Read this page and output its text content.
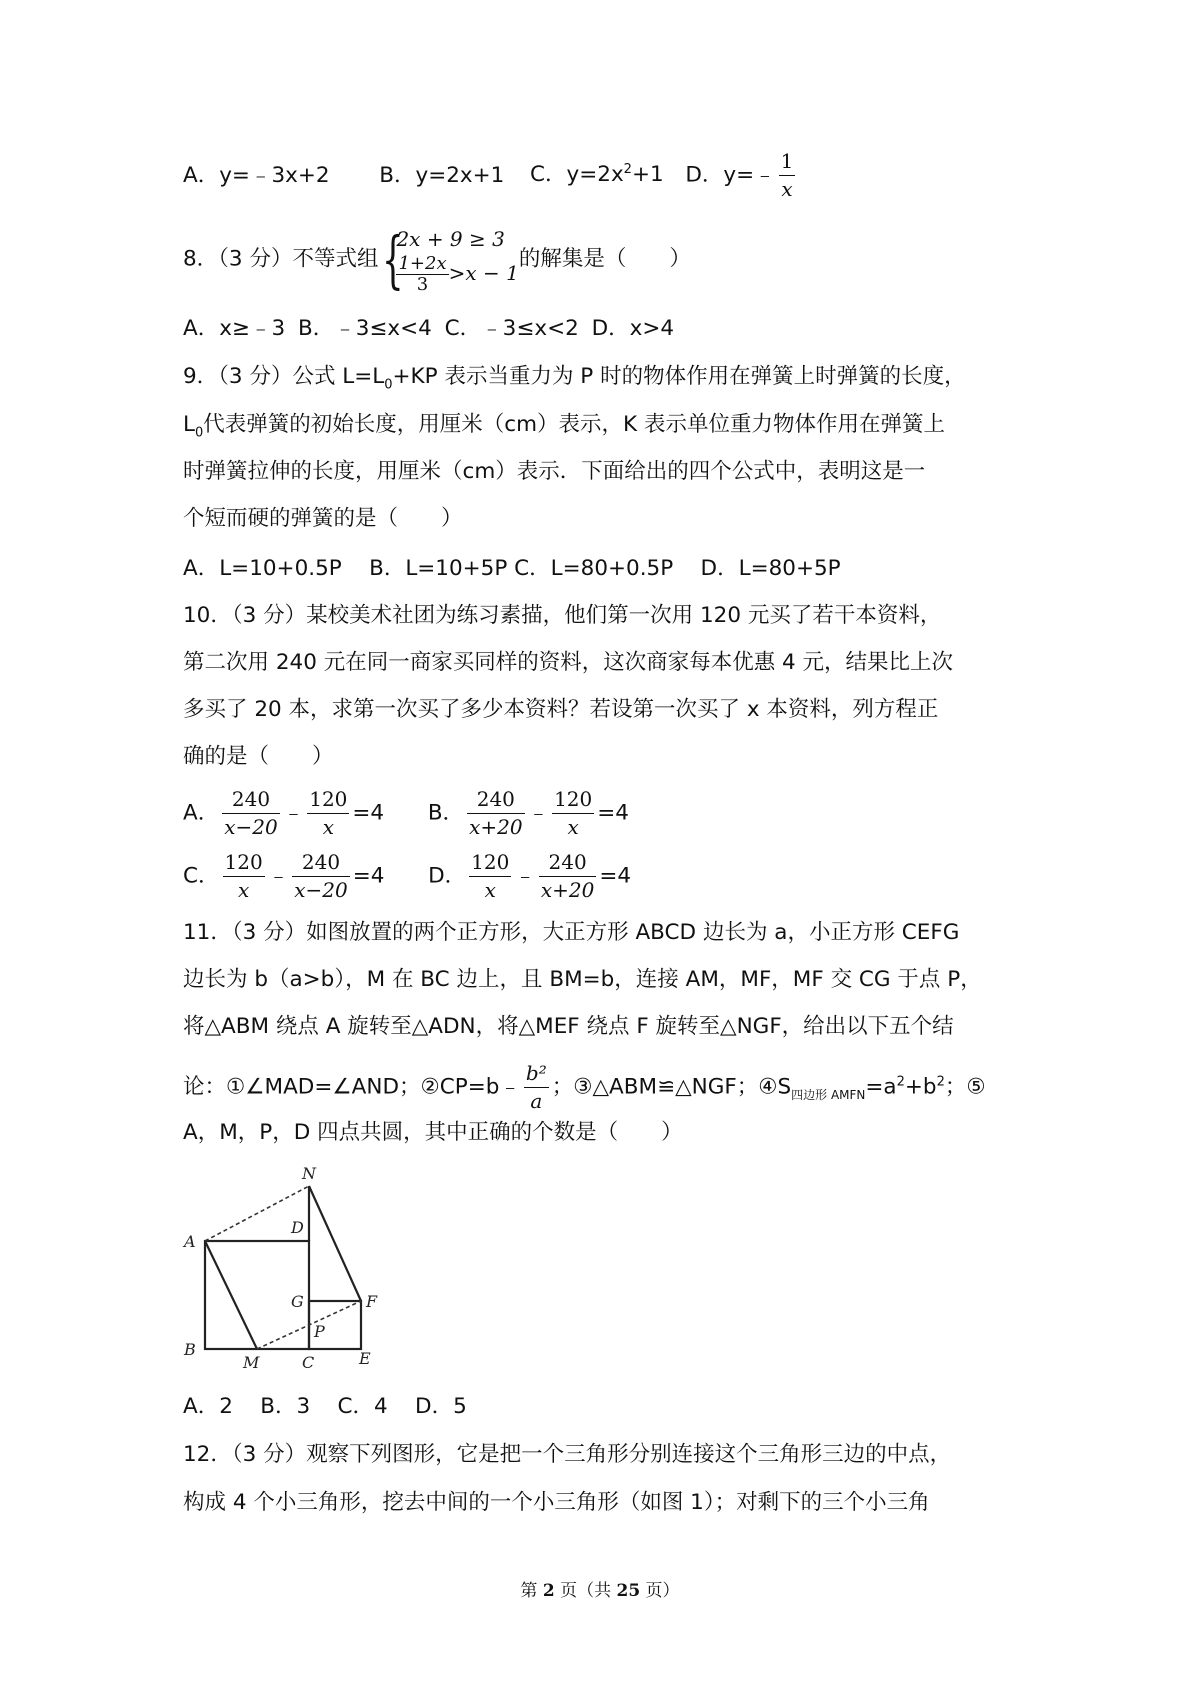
A．y=﹣3x+2 B．y=2x+1 C．$y=2x^2+1$ D．y=﹣ $\frac{1}{x}$
8．（3 分）不等式组 {
2x + 9 ≥ 3
$\frac{1+2x}{3} >x - 1$
的解集是（　　）
A．x≥﹣3 B．﹣3≤x<4 C．﹣3≤x<2 D．x>4
9．（3 分）公式 $L=L_0+KP$ 表示当重力为 P 时的物体作用在弹簧上时弹簧的长度，
$L_0$代表弹簧的初始长度，用厘米（cm）表示，K 表示单位重力物体作用在弹簧上
时弹簧拉伸的长度，用厘米（cm）表示．下面给出的四个公式中，表明这是一
个短而硬的弹簧的是（　　）
A．L=10+0.5P    B．L=10+5P C．L=80+0.5P    D．L=80+5P
10．（3 分）某校美术社团为练习素描，他们第一次用 120 元买了若干本资料，
第二次用 240 元在同一商家买同样的资料，这次商家每本优惠 4 元，结果比上次
多买了 20 本，求第一次买了多少本资料？若设第一次买了 x 本资料，列方程正
确的是（　　）
A． $\frac{240}{x-20}$ ﹣ $\frac{120}{x} =4$ B． $\frac{240}{x+20}$ ﹣ $\frac{120}{x} =4$
C． $\frac{120}{x}$ ﹣ $\frac{240}{x-20} =4$ D． $\frac{120}{x}$ ﹣ $\frac{240}{x+20} =4$
11．（3 分）如图放置的两个正方形，大正方形 ABCD 边长为 a，小正方形 CEFG
边长为 b（a>b），M 在 BC 边上，且 BM=b，连接 AM，MF，MF 交 CG 于点 P，
将△ABM 绕点 A 旋转至△ADN，将△MEF 绕点 F 旋转至△NGF，给出以下五个结
论：①∠MAD=∠AND；②CP=b﹣ $\frac{\text{b²}}{a}$ ；③△ABM≌△NGF；$④S_{四边形 AMFN}=a^2+b^2$；⑤
A，M，P，D 四点共圆，其中正确的个数是（　　）
N
A
D
G	F
P
B
M	C	E
A．2    B．3    C．4    D．5
12．（3 分）观察下列图形，它是把一个三角形分别连接这个三角形三边的中点，
构成 4 个小三角形，挖去中间的一个小三角形（如图 1）；对剩下的三个小三角
第 2 页（共 25 页）
